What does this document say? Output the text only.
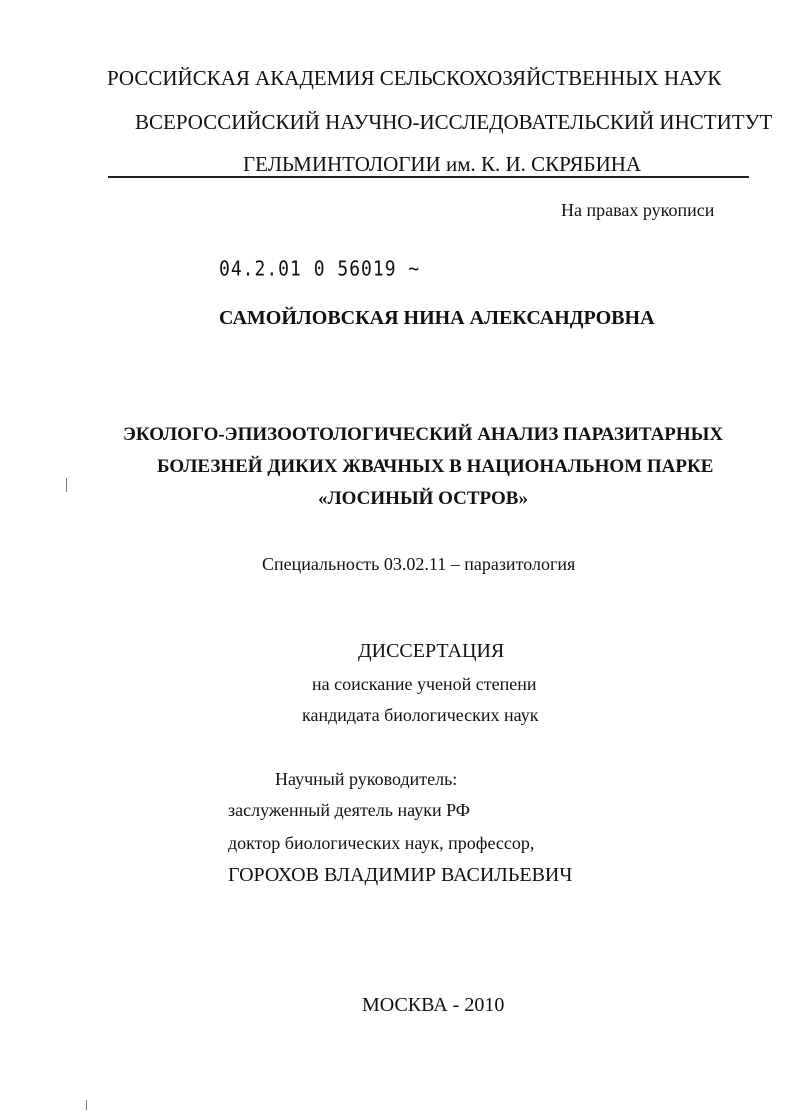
РОССИЙСКАЯ АКАДЕМИЯ СЕЛЬСКОХОЗЯЙСТВЕННЫХ НАУК

ВСЕРОССИЙСКИЙ НАУЧНО-ИССЛЕДОВАТЕЛЬСКИЙ ИНСТИТУТ

ГЕЛЬМИНТОЛОГИИ им. К. И. СКРЯБИНА

На правах рукописи

04.2.01 0 56019 ~

САМОЙЛОВСКАЯ НИНА АЛЕКСАНДРОВНА

ЭКОЛОГО-ЭПИЗООТОЛОГИЧЕСКИЙ АНАЛИЗ ПАРАЗИТАРНЫХ

БОЛЕЗНЕЙ ДИКИХ ЖВАЧНЫХ В НАЦИОНАЛЬНОМ ПАРКЕ

«ЛОСИНЫЙ ОСТРОВ»

Специальность 03.02.11 – паразитология

ДИССЕРТАЦИЯ

на соискание ученой степени

кандидата биологических наук

Научный руководитель:

заслуженный деятель науки РФ

доктор биологических наук, профессор,

ГОРОХОВ ВЛАДИМИР ВАСИЛЬЕВИЧ

МОСКВА - 2010
